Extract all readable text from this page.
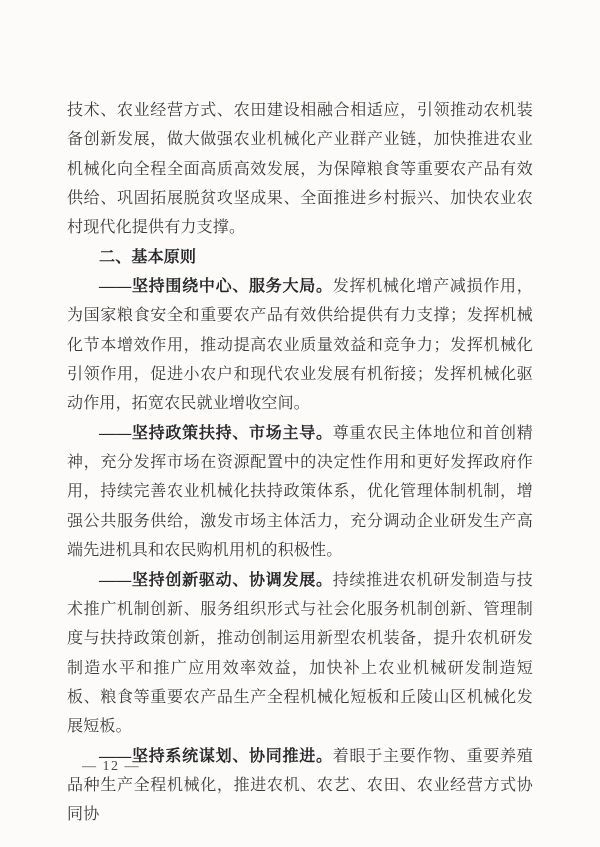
技术、农业经营方式、农田建设相融合相适应，引领推动农机装备创新发展，做大做强农业机械化产业群产业链，加快推进农业机械化向全程全面高质高效发展，为保障粮食等重要农产品有效供给、巩固拓展脱贫攻坚成果、全面推进乡村振兴、加快农业农村现代化提供有力支撑。

二、基本原则

——坚持围绕中心、服务大局。发挥机械化增产减损作用，为国家粮食安全和重要农产品有效供给提供有力支撑；发挥机械化节本增效作用，推动提高农业质量效益和竞争力；发挥机械化引领作用，促进小农户和现代农业发展有机衔接；发挥机械化驱动作用，拓宽农民就业增收空间。

——坚持政策扶持、市场主导。尊重农民主体地位和首创精神，充分发挥市场在资源配置中的决定性作用和更好发挥政府作用，持续完善农业机械化扶持政策体系，优化管理体制机制，增强公共服务供给，激发市场主体活力，充分调动企业研发生产高端先进机具和农民购机用机的积极性。

——坚持创新驱动、协调发展。持续推进农机研发制造与技术推广机制创新、服务组织形式与社会化服务机制创新、管理制度与扶持政策创新，推动创制运用新型农机装备，提升农机研发制造水平和推广应用效率效益，加快补上农业机械研发制造短板、粮食等重要农产品生产全程机械化短板和丘陵山区机械化发展短板。

——坚持系统谋划、协同推进。着眼于主要作物、重要养殖品种生产全程机械化，推进农机、农艺、农田、农业经营方式协同协

— 12 —
